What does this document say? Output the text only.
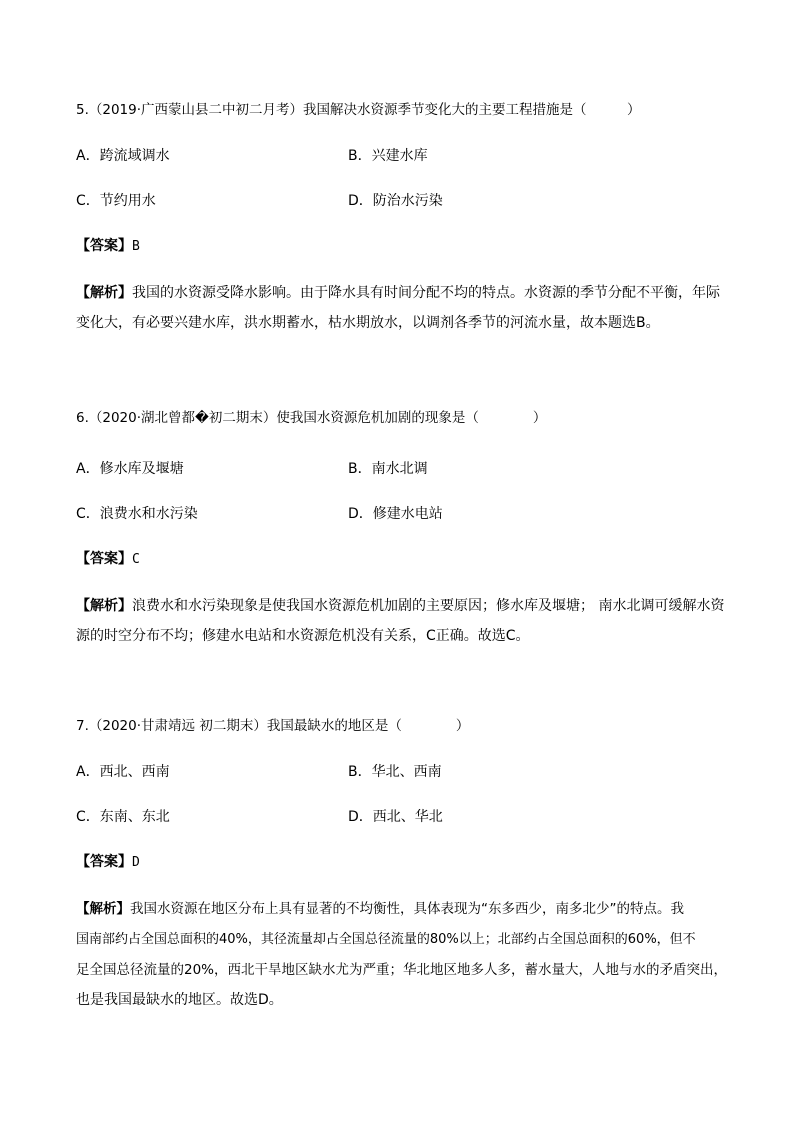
5.（2019·广西蒙山县二中初二月考）我国解决水资源季节变化大的主要工程措施是（　　　）
A．跨流域调水	B．兴建水库
C．节约用水	D．防治水污染
【答案】B
【解析】我国的水资源受降水影响。由于降水具有时间分配不均的特点。水资源的季节分配不平衡，年际
变化大，有必要兴建水库，洪水期蓄水，枯水期放水，以调剂各季节的河流水量，故本题选B。
6.（2020·湖北曾都�初二期末）使我国水资源危机加剧的现象是（　　　　）
A．修水库及堰塘	B．南水北调
C．浪费水和水污染	D．修建水电站
【答案】C
【解析】浪费水和水污染现象是使我国水资源危机加剧的主要原因；修水库及堰塘； 南水北调可缓解水资
源的时空分布不均；修建水电站和水资源危机没有关系，C正确。故选C。
7.（2020·甘肃靖远 初二期末）我国最缺水的地区是（　　　　）
A．西北、西南	B．华北、西南
C．东南、东北	D．西北、华北
【答案】D
【解析】我国水资源在地区分布上具有显著的不均衡性，具体表现为“东多西少，南多北少”的特点。我
国南部约占全国总面积的40%，其径流量却占全国总径流量的80%以上；北部约占全国总面积的60%，但不
足全国总径流量的20%，西北干旱地区缺水尤为严重；华北地区地多人多，蓄水量大，人地与水的矛盾突出，
也是我国最缺水的地区。故选D。
